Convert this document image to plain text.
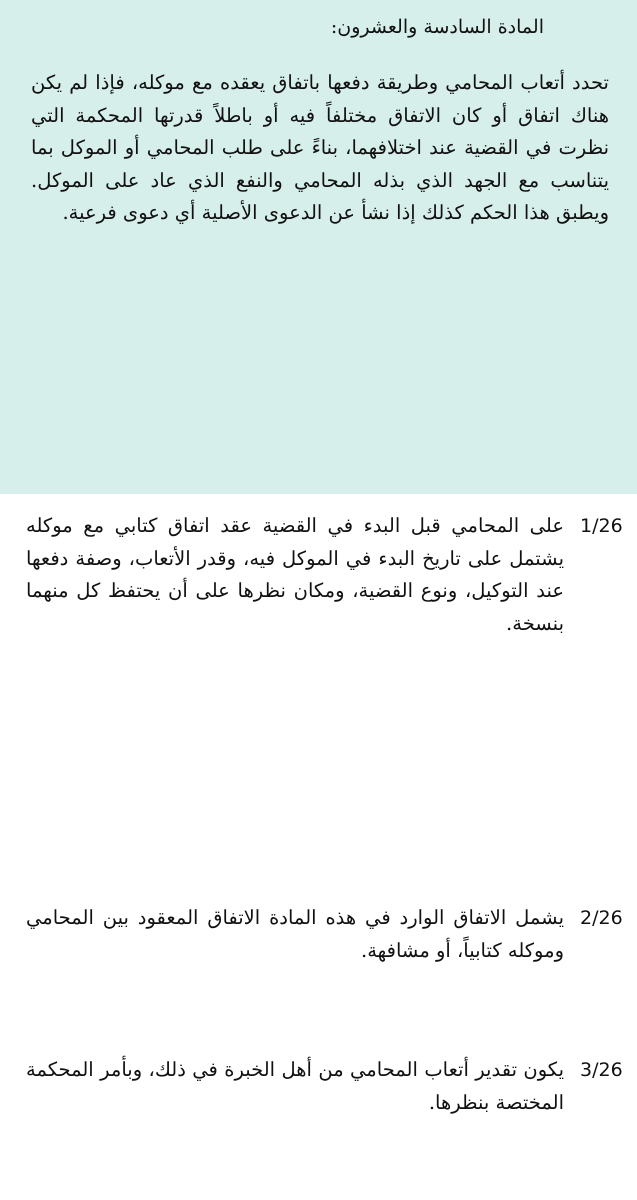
المادة السادسة والعشرون:
تحدد أتعاب المحامي وطريقة دفعها باتفاق يعقده مع موكله، فإذا لم يكن هناك اتفاق أو كان الاتفاق مختلفاً فيه أو باطلاً قدرتها المحكمة التي نظرت في القضية عند اختلافهما، بناءً على طلب المحامي أو الموكل بما يتناسب مع الجهد الذي بذله المحامي والنفع الذي عاد على الموكل. ويطبق هذا الحكم كذلك إذا نشأ عن الدعوى الأصلية أي دعوى فرعية.
1/26
على المحامي قبل البدء في القضية عقد اتفاق كتابي مع موكله يشتمل على تاريخ البدء في الموكل فيه، وقدر الأتعاب، وصفة دفعها عند التوكيل، ونوع القضية، ومكان نظرها على أن يحتفظ كل منهما بنسخة.
2/26
يشمل الاتفاق الوارد في هذه المادة الاتفاق المعقود بين المحامي وموكله كتابياً، أو مشافهة.
3/26
يكون تقدير أتعاب المحامي من أهل الخبرة في ذلك، وبأمر المحكمة المختصة بنظرها.
